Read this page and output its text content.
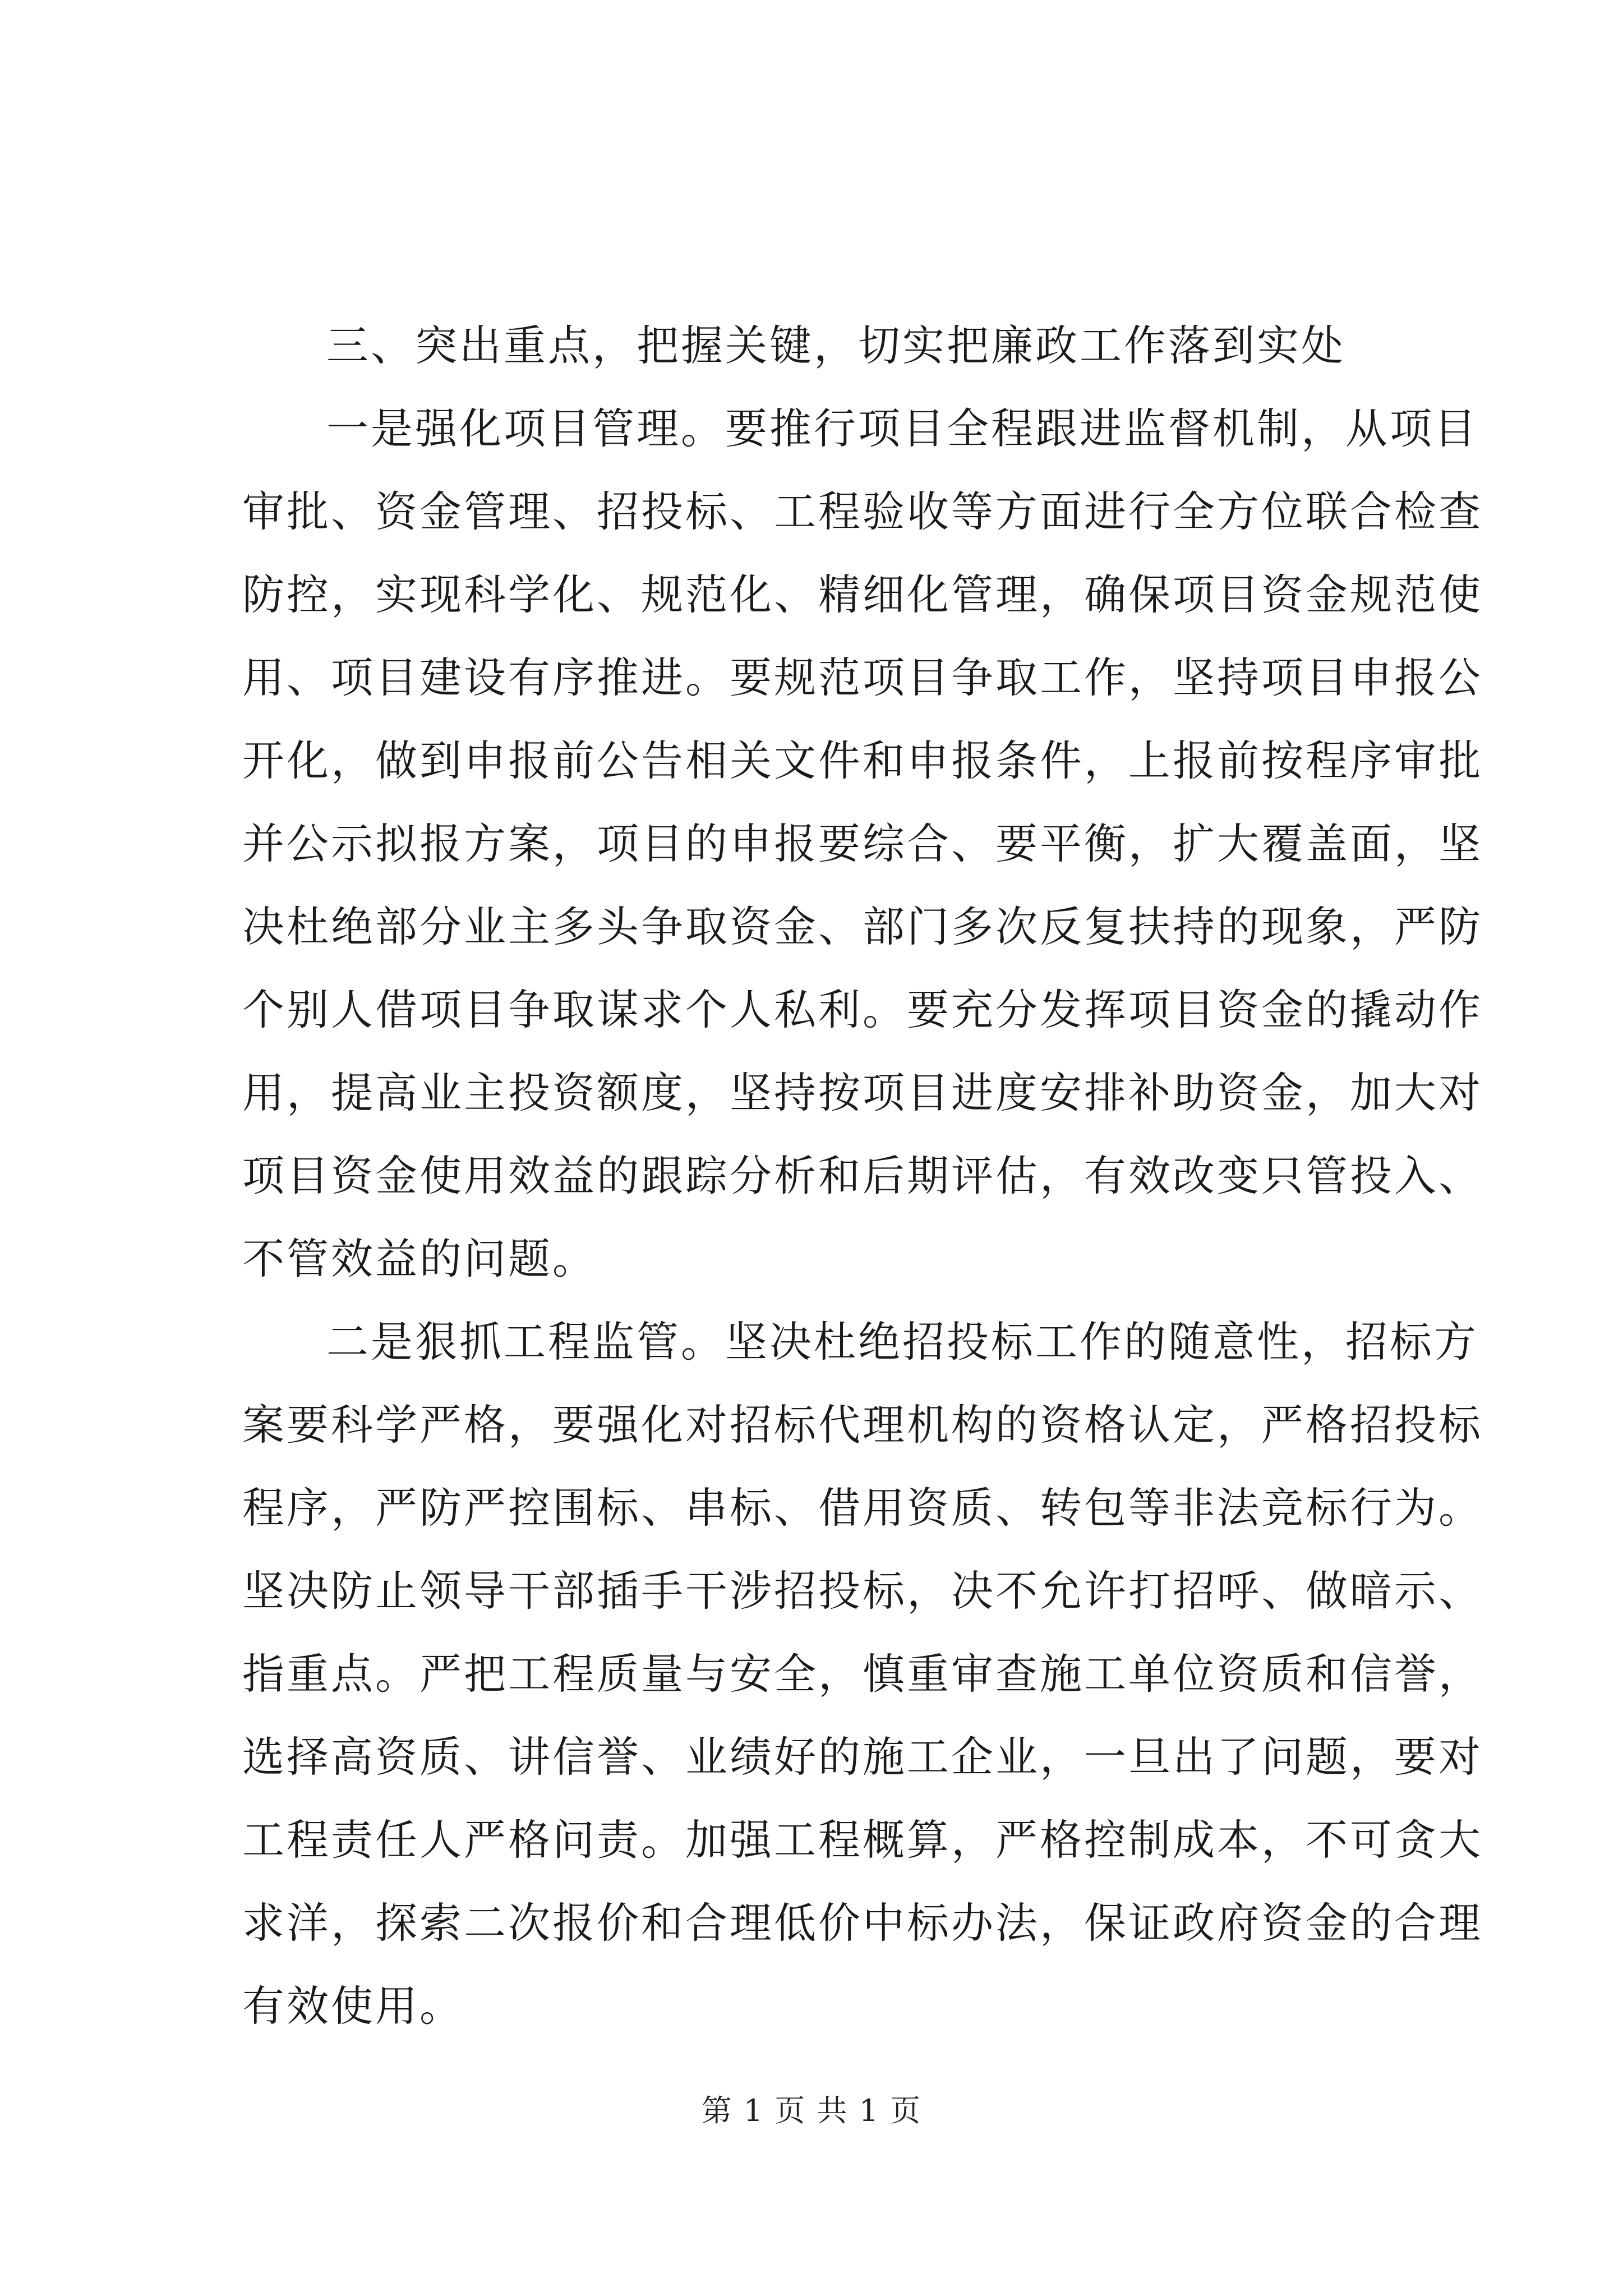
三、突出重点，把握关键，切实把廉政工作落到实处
一是强化项目管理。要推行项目全程跟进监督机制，从项目
审批、资金管理、招投标、工程验收等方面进行全方位联合检查
防控，实现科学化、规范化、精细化管理，确保项目资金规范使
用、项目建设有序推进。要规范项目争取工作，坚持项目申报公
开化，做到申报前公告相关文件和申报条件，上报前按程序审批
并公示拟报方案，项目的申报要综合、要平衡，扩大覆盖面，坚
决杜绝部分业主多头争取资金、部门多次反复扶持的现象，严防
个别人借项目争取谋求个人私利。要充分发挥项目资金的撬动作
用，提高业主投资额度，坚持按项目进度安排补助资金，加大对
项目资金使用效益的跟踪分析和后期评估，有效改变只管投入、
不管效益的问题。
二是狠抓工程监管。坚决杜绝招投标工作的随意性，招标方
案要科学严格，要强化对招标代理机构的资格认定，严格招投标
程序，严防严控围标、串标、借用资质、转包等非法竞标行为。
坚决防止领导干部插手干涉招投标，决不允许打招呼、做暗示、
指重点。严把工程质量与安全，慎重审查施工单位资质和信誉，
选择高资质、讲信誉、业绩好的施工企业，一旦出了问题，要对
工程责任人严格问责。加强工程概算，严格控制成本，不可贪大
求洋，探索二次报价和合理低价中标办法，保证政府资金的合理
有效使用。
第 1 页 共 1 页
